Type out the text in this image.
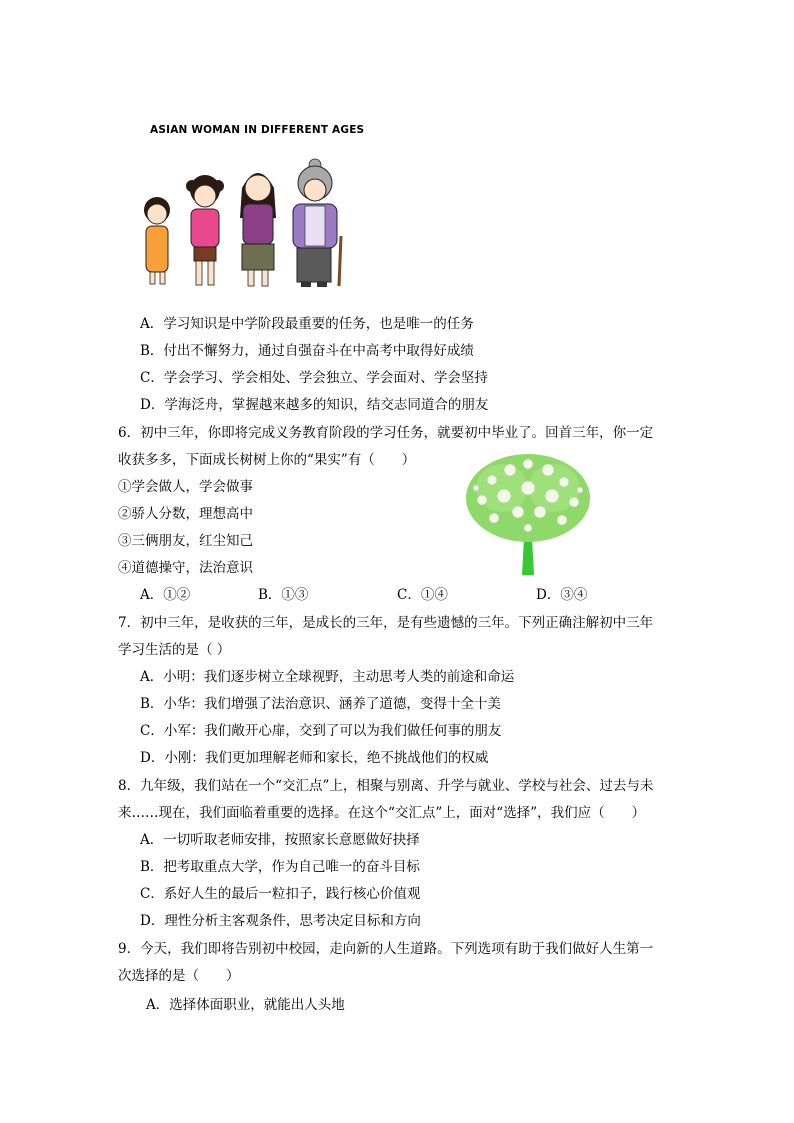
ASIAN WOMAN IN DIFFERENT AGES
A．学习知识是中学阶段最重要的任务，也是唯一的任务
B．付出不懈努力，通过自强奋斗在中高考中取得好成绩
C．学会学习、学会相处、学会独立、学会面对、学会坚持
D．学海泛舟，掌握越来越多的知识，结交志同道合的朋友
6．初中三年，你即将完成义务教育阶段的学习任务，就要初中毕业了。回首三年，你一定
收获多多，下面成长树树上你的“果实”有（　　）
①学会做人，学会做事
②骄人分数，理想高中
③三俩朋友，红尘知己
④道德操守，法治意识
A．①②	B．①③	C．①④	D．③④
7．初中三年，是收获的三年，是成长的三年，是有些遗憾的三年。下列正确注解初中三年
学习生活的是（ ）
A．小明：我们逐步树立全球视野，主动思考人类的前途和命运
B．小华：我们增强了法治意识、涵养了道德，变得十全十美
C．小军：我们敞开心扉，交到了可以为我们做任何事的朋友
D．小刚：我们更加理解老师和家长，绝不挑战他们的权威
8．九年级，我们站在一个“交汇点”上，相聚与别离、升学与就业、学校与社会、过去与未
来……现在，我们面临着重要的选择。在这个“交汇点”上，面对“选择”，我们应（　　）
A．一切听取老师安排，按照家长意愿做好抉择
B．把考取重点大学，作为自己唯一的奋斗目标
C．系好人生的最后一粒扣子，践行核心价值观
D．理性分析主客观条件，思考决定目标和方向
9．今天，我们即将告别初中校园，走向新的人生道路。下列选项有助于我们做好人生第一
次选择的是（　　）
A．选择体面职业，就能出人头地
